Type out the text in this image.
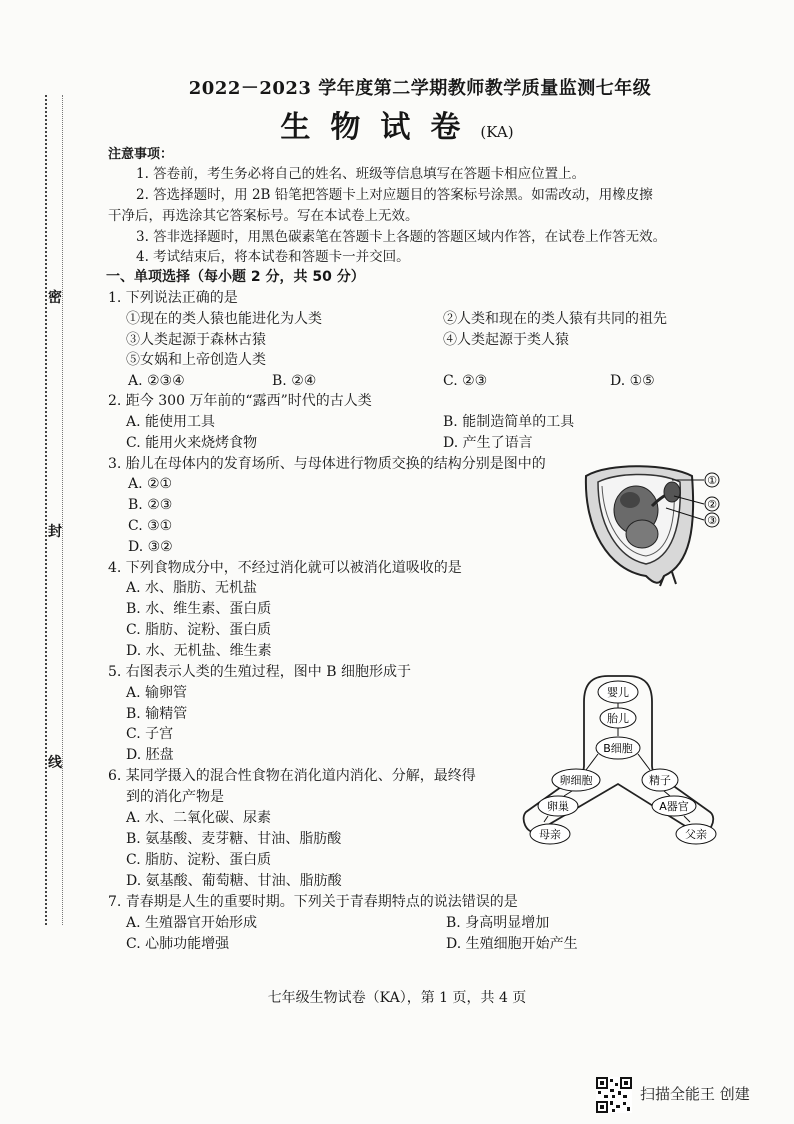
密
封
线
2022－2023 学年度第二学期教师教学质量监测七年级
生物试卷(KA)
注意事项：
1. 答卷前，考生务必将自己的姓名、班级等信息填写在答题卡相应位置上。
2. 答选择题时，用 2B 铅笔把答题卡上对应题目的答案标号涂黑。如需改动，用橡皮擦
干净后，再选涂其它答案标号。写在本试卷上无效。
3. 答非选择题时，用黑色碳素笔在答题卡上各题的答题区域内作答，在试卷上作答无效。
4. 考试结束后，将本试卷和答题卡一并交回。
一、单项选择（每小题 2 分，共 50 分）
1. 下列说法正确的是
①现在的类人猿也能进化为人类	②人类和现在的类人猿有共同的祖先
③人类起源于森林古猿	④人类起源于类人猿
⑤女娲和上帝创造人类
A. ②③④	B. ②④	C. ②③	D. ①⑤
2. 距今 300 万年前的“露西”时代的古人类
A. 能使用工具	B. 能制造简单的工具
C. 能用火来烧烤食物	D. 产生了语言
3. 胎儿在母体内的发育场所、与母体进行物质交换的结构分别是图中的
A. ②①
B. ②③
C. ③①
D. ③②
①
②
③
4. 下列食物成分中，不经过消化就可以被消化道吸收的是
A. 水、脂肪、无机盐
B. 水、维生素、蛋白质
C. 脂肪、淀粉、蛋白质
D. 水、无机盐、维生素
5. 右图表示人类的生殖过程，图中 B 细胞形成于
A. 输卵管
B. 输精管
C. 子宫
D. 胚盘
婴儿
胎儿
B细胞
卵细胞	精子
卵巢	A器官
母亲	父亲
6. 某同学摄入的混合性食物在消化道内消化、分解，最终得
到的消化产物是
A. 水、二氧化碳、尿素
B. 氨基酸、麦芽糖、甘油、脂肪酸
C. 脂肪、淀粉、蛋白质
D. 氨基酸、葡萄糖、甘油、脂肪酸
7. 青春期是人生的重要时期。下列关于青春期特点的说法错误的是
A. 生殖器官开始形成	B. 身高明显增加
C. 心肺功能增强	D. 生殖细胞开始产生
七年级生物试卷（KA），第 1 页，共 4 页
扫描全能王 创建
